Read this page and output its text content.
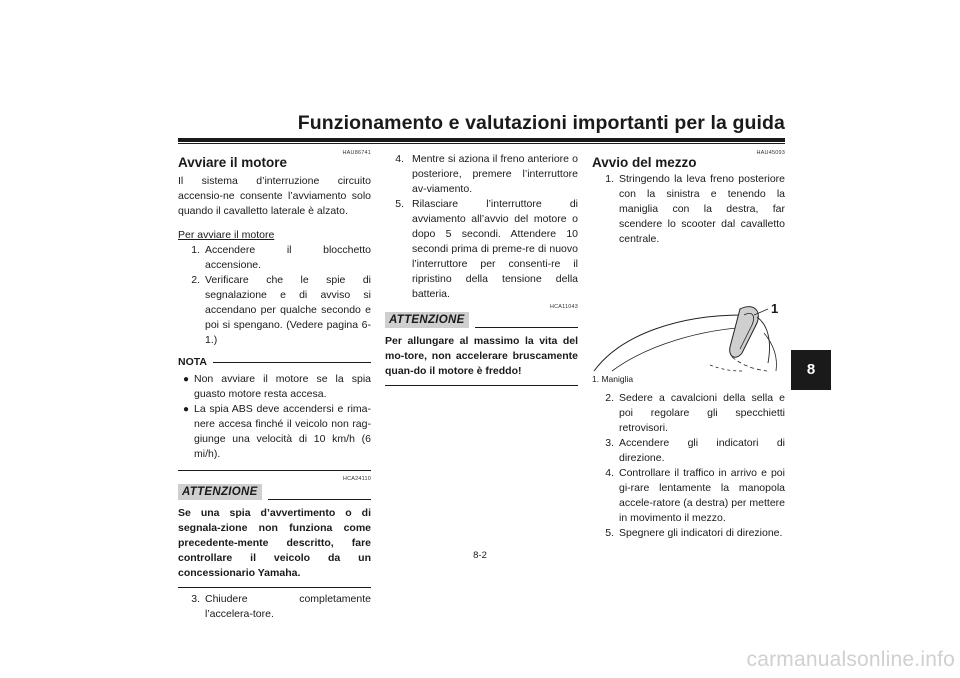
Funzionamento e valutazioni importanti per la guida
8
HAU86741
Avviare il motore
Il sistema d’interruzione circuito accensio-ne consente l’avviamento solo quando il cavalletto laterale è alzato.
Per avviare il motore
1. Accendere il blocchetto accensione.
2. Verificare che le spie di segnalazione e di avviso si accendano per qualche secondo e poi si spengano. (Vedere pagina 6-1.)
NOTA
● Non avviare il motore se la spia guasto motore resta accesa.
● La spia ABS deve accendersi e rima-nere accesa finché il veicolo non rag-giunge una velocità di 10 km/h (6 mi/h).
HCA24110
ATTENZIONE
Se una spia d’avvertimento o di segnala-zione non funziona come precedente-mente descritto, fare controllare il veicolo da un concessionario Yamaha.
3. Chiudere completamente l’accelera-tore.
4. Mentre si aziona il freno anteriore o posteriore, premere l’interruttore av-viamento.
5. Rilasciare l’interruttore di avviamento all’avvio del motore o dopo 5 secondi. Attendere 10 secondi prima di preme-re di nuovo l’interruttore per consenti-re il ripristino della tensione della batteria.
HCA11043
ATTENZIONE
Per allungare al massimo la vita del mo-tore, non accelerare bruscamente quan-do il motore è freddo!
HAU45093
Avvio del mezzo
1. Stringendo la leva freno posteriore con la sinistra e tenendo la maniglia con la destra, far scendere lo scooter dal cavalletto centrale.
1
1. Maniglia
2. Sedere a cavalcioni della sella e poi regolare gli specchietti retrovisori.
3. Accendere gli indicatori di direzione.
4. Controllare il traffico in arrivo e poi gi-rare lentamente la manopola accele-ratore (a destra) per mettere in movimento il mezzo.
5. Spegnere gli indicatori di direzione.
8-2
carmanualsonline.info
